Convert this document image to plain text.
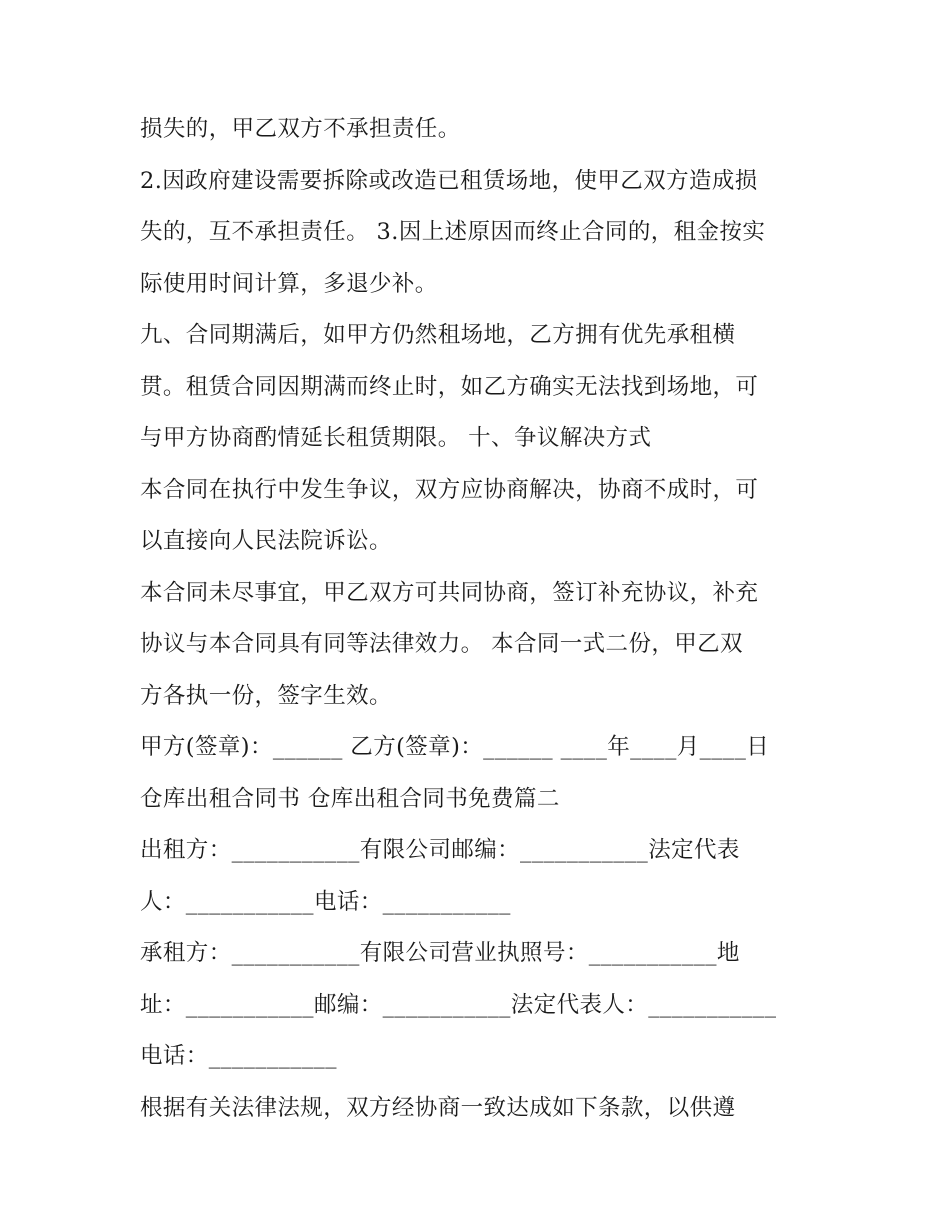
损失的，甲乙双方不承担责任。
2.因政府建设需要拆除或改造已租赁场地，使甲乙双方造成损
失的，互不承担责任。 3.因上述原因而终止合同的，租金按实
际使用时间计算，多退少补。
九、合同期满后，如甲方仍然租场地，乙方拥有优先承租横
贯。租赁合同因期满而终止时，如乙方确实无法找到场地，可
与甲方协商酌情延长租赁期限。 十、争议解决方式
本合同在执行中发生争议，双方应协商解决，协商不成时，可
以直接向人民法院诉讼。
本合同未尽事宜，甲乙双方可共同协商，签订补充协议，补充
协议与本合同具有同等法律效力。 本合同一式二份，甲乙双
方各执一份，签字生效。
甲方(签章)：______ 乙方(签章)：______ ____年____月____日
仓库出租合同书 仓库出租合同书免费篇二
出租方：___________有限公司邮编：___________法定代表
人：___________电话：___________
承租方：___________有限公司营业执照号：___________地
址：___________邮编：___________法定代表人：___________
电话：___________
根据有关法律法规，双方经协商一致达成如下条款，以供遵
